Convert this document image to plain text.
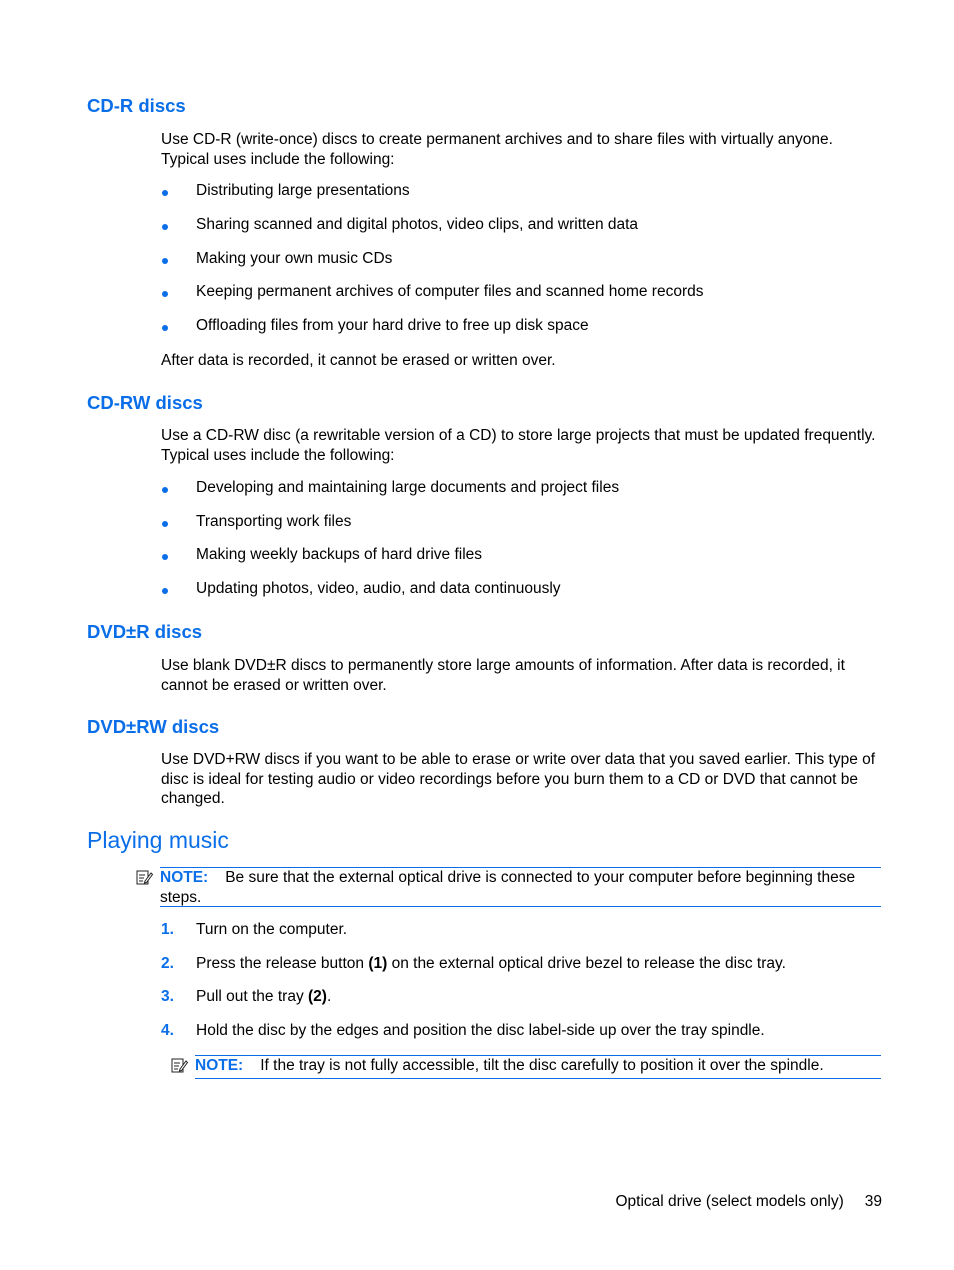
CD-R discs
Use CD-R (write-once) discs to create permanent archives and to share files with virtually anyone. Typical uses include the following:
Distributing large presentations
Sharing scanned and digital photos, video clips, and written data
Making your own music CDs
Keeping permanent archives of computer files and scanned home records
Offloading files from your hard drive to free up disk space
After data is recorded, it cannot be erased or written over.
CD-RW discs
Use a CD-RW disc (a rewritable version of a CD) to store large projects that must be updated frequently. Typical uses include the following:
Developing and maintaining large documents and project files
Transporting work files
Making weekly backups of hard drive files
Updating photos, video, audio, and data continuously
DVD±R discs
Use blank DVD±R discs to permanently store large amounts of information. After data is recorded, it cannot be erased or written over.
DVD±RW discs
Use DVD+RW discs if you want to be able to erase or write over data that you saved earlier. This type of disc is ideal for testing audio or video recordings before you burn them to a CD or DVD that cannot be changed.
Playing music
NOTE: Be sure that the external optical drive is connected to your computer before beginning these steps.
1. Turn on the computer.
2. Press the release button (1) on the external optical drive bezel to release the disc tray.
3. Pull out the tray (2).
4. Hold the disc by the edges and position the disc label-side up over the tray spindle.
NOTE: If the tray is not fully accessible, tilt the disc carefully to position it over the spindle.
Optical drive (select models only) 39
